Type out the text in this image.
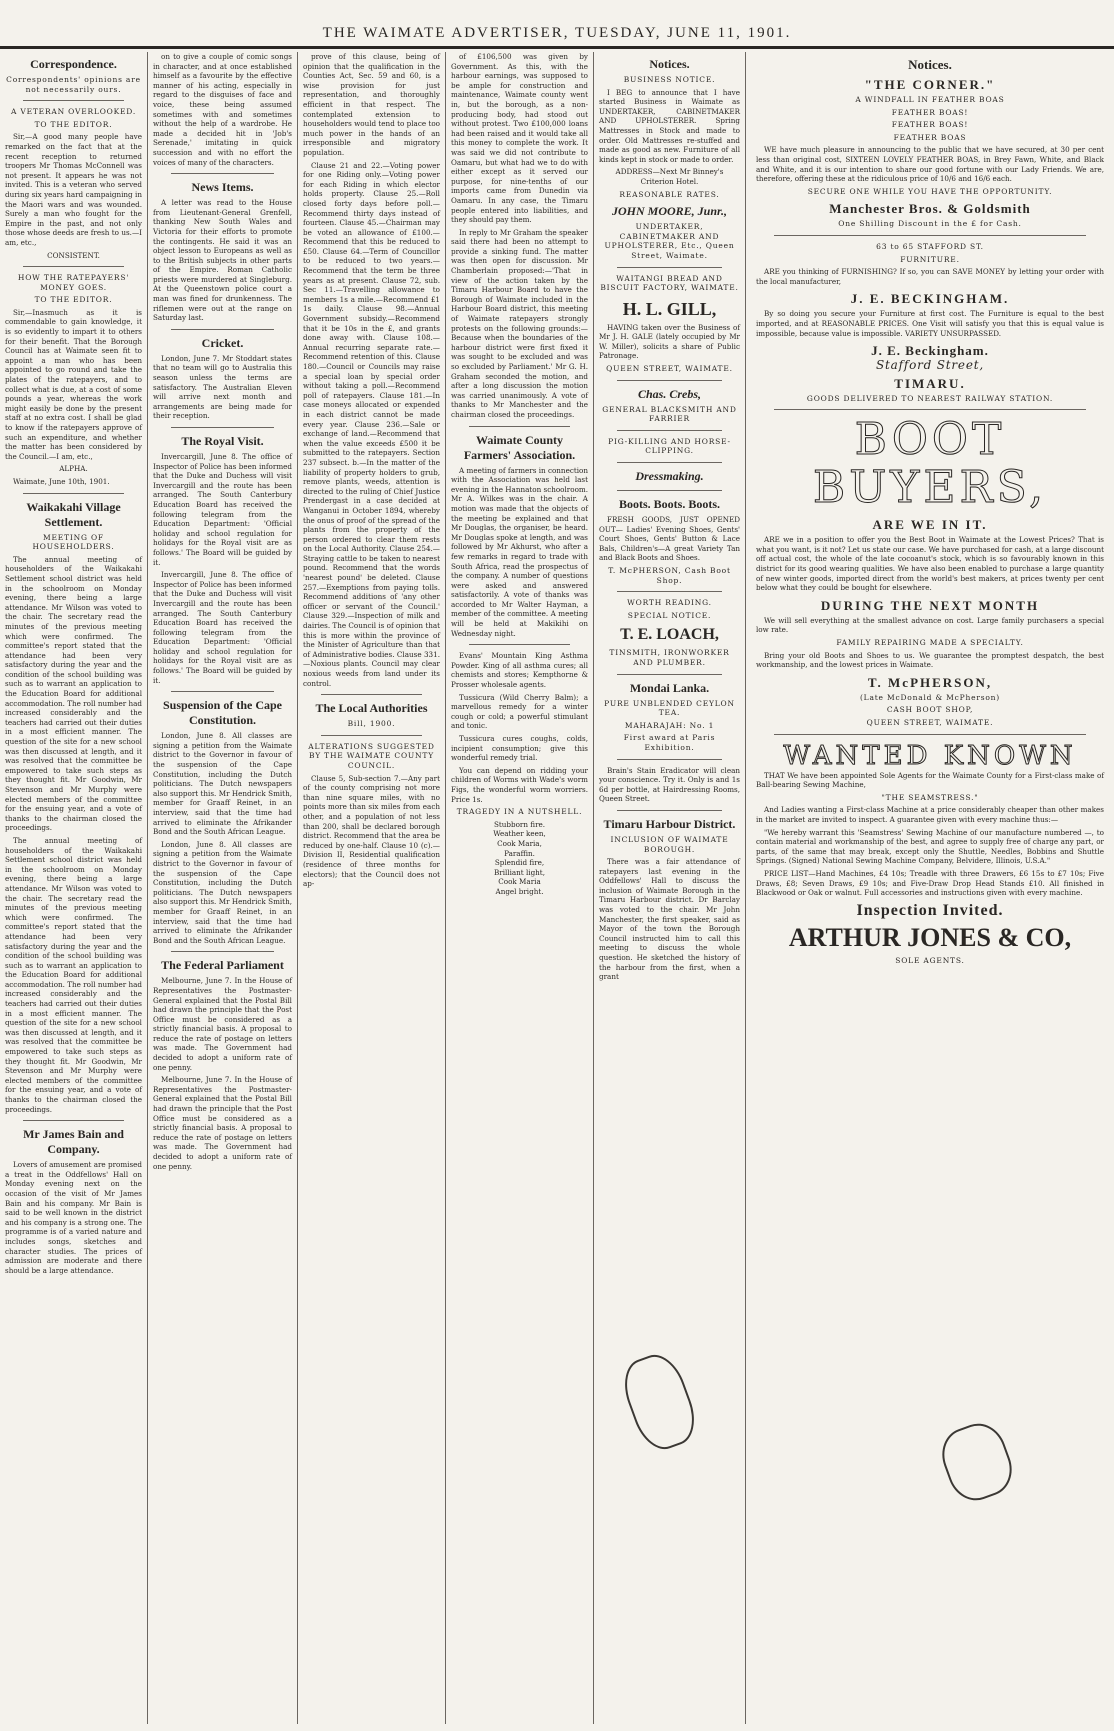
THE WAIMATE ADVERTISER, TUESDAY, JUNE 11, 1901.
Correspondence.
Correspondents' opinions are not necessarily ours.
A VETERAN OVERLOOKED.
TO THE EDITOR.

Sir,—A good many people have remarked on the fact that at the recent reception to returned troopers Mr Thomas McConnell was not present. It appears he was not invited. This is a veteran who served during six years hard campaigning in the Maori wars and was wounded. Surely a man who fought for the Empire in the past, and not only those whose deeds are fresh to us.—I am, etc.,

CONSISTENT.

HOW THE RATEPAYERS' MONEY GOES.
TO THE EDITOR.

Sir,—Inasmuch as it is commendable to gain knowledge, it is so evidently to impart it to others for their benefit. That the Borough Council has at Waimate seen fit to appoint a man who has been appointed to go round and take the plates of the ratepayers, and to collect what is due, at a cost of some pounds a year, whereas the work might easily be done by the present staff at no extra cost. I shall be glad to know if the ratepayers approve of such an expenditure, and whether the matter has been considered by the Council.—I am, etc.,

ALPHA.

Waimate, June 10th, 1901.

Waikakahi Village Settlement.
MEETING OF HOUSEHOLDERS.

The annual meeting of householders of the Waikakahi Settlement school district was held in the schoolroom on Monday evening, there being a large attendance. Mr Wilson was voted to the chair. The secretary read the minutes of the previous meeting which were confirmed. The committee's report stated that the attendance had been very satisfactory during the year and the condition of the school building was such as to warrant an application to the Education Board for additional accommodation. The roll number had increased considerably and the teachers had carried out their duties in a most efficient manner. The question of the site for a new school was then discussed at length, and it was resolved that the committee be empowered to take such steps as they thought fit. Mr Goodwin, Mr Stevenson and Mr Murphy were elected members of the committee for the ensuing year, and a vote of thanks to the chairman closed the proceedings.

The annual meeting of householders of the Waikakahi Settlement school district was held in the schoolroom on Monday evening, there being a large attendance. Mr Wilson was voted to the chair. The secretary read the minutes of the previous meeting which were confirmed. The committee's report stated that the attendance had been very satisfactory during the year and the condition of the school building was such as to warrant an application to the Education Board for additional accommodation. The roll number had increased considerably and the teachers had carried out their duties in a most efficient manner. The question of the site for a new school was then discussed at length, and it was resolved that the committee be empowered to take such steps as they thought fit. Mr Goodwin, Mr Stevenson and Mr Murphy were elected members of the committee for the ensuing year, and a vote of thanks to the chairman closed the proceedings.

Mr James Bain and Company.

Lovers of amusement are promised a treat in the Oddfellows' Hall on Monday evening next on the occasion of the visit of Mr James Bain and his company. Mr Bain is said to be well known in the district and his company is a strong one. The programme is of a varied nature and includes songs, sketches and character studies. The prices of admission are moderate and there should be a large attendance.

on to give a couple of comic songs in character, and at once established himself as a favourite by the effective manner of his acting, especially in regard to the disguises of face and voice, these being assumed sometimes with and sometimes without the help of a wardrobe. He made a decided hit in 'Job's Serenade,' imitating in quick succession and with no effort the voices of many of the characters.

News Items.

A letter was read to the House from Lieutenant-General Grenfell, thanking New South Wales and Victoria for their efforts to promote the contingents. He said it was an object lesson to Europeans as well as to the British subjects in other parts of the Empire. Roman Catholic priests were murdered at Singleburg. At the Queenstown police court a man was fined for drunkenness. The riflemen were out at the range on Saturday last.

Cricket.

London, June 7. Mr Stoddart states that no team will go to Australia this season unless the terms are satisfactory. The Australian Eleven will arrive next month and arrangements are being made for their reception.

The Royal Visit.

Invercargill, June 8. The office of Inspector of Police has been informed that the Duke and Duchess will visit Invercargill and the route has been arranged. The South Canterbury Education Board has received the following telegram from the Education Department: 'Official holiday and school regulation for holidays for the Royal visit are as follows.' The Board will be guided by it.

Invercargill, June 8. The office of Inspector of Police has been informed that the Duke and Duchess will visit Invercargill and the route has been arranged. The South Canterbury Education Board has received the following telegram from the Education Department: 'Official holiday and school regulation for holidays for the Royal visit are as follows.' The Board will be guided by it.

Suspension of the Cape Constitution.

London, June 8. All classes are signing a petition from the Waimate district to the Governor in favour of the suspension of the Cape Constitution, including the Dutch politicians. The Dutch newspapers also support this. Mr Hendrick Smith, member for Graaff Reinet, in an interview, said that the time had arrived to eliminate the Afrikander Bond and the South African League.

London, June 8. All classes are signing a petition from the Waimate district to the Governor in favour of the suspension of the Cape Constitution, including the Dutch politicians. The Dutch newspapers also support this. Mr Hendrick Smith, member for Graaff Reinet, in an interview, said that the time had arrived to eliminate the Afrikander Bond and the South African League.

The Federal Parliament

Melbourne, June 7. In the House of Representatives the Postmaster-General explained that the Postal Bill had drawn the principle that the Post Office must be considered as a strictly financial basis. A proposal to reduce the rate of postage on letters was made. The Government had decided to adopt a uniform rate of one penny.

Melbourne, June 7. In the House of Representatives the Postmaster-General explained that the Postal Bill had drawn the principle that the Post Office must be considered as a strictly financial basis. A proposal to reduce the rate of postage on letters was made. The Government had decided to adopt a uniform rate of one penny.

prove of this clause, being of opinion that the qualification in the Counties Act, Sec. 59 and 60, is a wise provision for just representation, and thoroughly efficient in that respect. The contemplated extension to householders would tend to place too much power in the hands of an irresponsible and migratory population.

Clause 21 and 22.—Voting power for one Riding only.—Voting power for each Riding in which elector holds property. Clause 25.—Roll closed forty days before poll.—Recommend thirty days instead of fourteen. Clause 45.—Chairman may be voted an allowance of £100.—Recommend that this be reduced to £50. Clause 64.—Term of Councillor to be reduced to two years.—Recommend that the term be three years as at present. Clause 72, sub. Sec 11.—Travelling allowance to members 1s a mile.—Recommend £1 1s daily. Clause 98.—Annual Government subsidy.—Recommend that it be 10s in the £, and grants done away with. Clause 108.—Annual recurring separate rate.—Recommend retention of this. Clause 180.—Council or Councils may raise a special loan by special order without taking a poll.—Recommend poll of ratepayers. Clause 181.—In case moneys allocated or expended in each district cannot be made every year. Clause 236.—Sale or exchange of land.—Recommend that when the value exceeds £500 it be submitted to the ratepayers. Section 237 subsect. b.—In the matter of the liability of property holders to grub, remove plants, weeds, attention is directed to the ruling of Chief Justice Prendergast in a case decided at Wanganui in October 1894, whereby the onus of proof of the spread of the plants from the property of the person ordered to clear them rests on the Local Authority. Clause 254.—Straying cattle to be taken to nearest pound. Recommend that the words 'nearest pound' be deleted. Clause 257.—Exemptions from paying tolls. Recommend additions of 'any other officer or servant of the Council.' Clause 329.—Inspection of milk and dairies. The Council is of opinion that this is more within the province of the Minister of Agriculture than that of Administrative bodies. Clause 331.—Noxious plants. Council may clear noxious weeds from land under its control.

The Local Authorities
Bill, 1900.
ALTERATIONS SUGGESTED BY THE WAIMATE COUNTY COUNCIL.

Clause 5, Sub-section 7.—Any part of the county comprising not more than nine square miles, with no points more than six miles from each other, and a population of not less than 200, shall be declared borough district. Recommend that the area be reduced by one-half. Clause 10 (c).—Division II, Residential qualification (residence of three months for electors); that the Council does not ap-

of £106,500 was given by Government. As this, with the harbour earnings, was supposed to be ample for construction and maintenance, Waimate county went in, but the borough, as a non-producing body, had stood out without protest. Two £100,000 loans had been raised and it would take all this money to complete the work. It was said we did not contribute to Oamaru, but what had we to do with either except as it served our purpose, for nine-tenths of our imports came from Dunedin via Oamaru. In any case, the Timaru people entered into liabilities, and they should pay them.

In reply to Mr Graham the speaker said there had been no attempt to provide a sinking fund. The matter was then open for discussion. Mr Chamberlain proposed:—'That in view of the action taken by the Timaru Harbour Board to have the Borough of Waimate included in the Harbour Board district, this meeting of Waimate ratepayers strongly protests on the following grounds:—Because when the boundaries of the harbour district were first fixed it was sought to be excluded and was so excluded by Parliament.' Mr G. H. Graham seconded the motion, and after a long discussion the motion was carried unanimously. A vote of thanks to Mr Manchester and the chairman closed the proceedings.

Waimate County Farmers' Association.

A meeting of farmers in connection with the Association was held last evening in the Hannaton schoolroom. Mr A. Wilkes was in the chair. A motion was made that the objects of the meeting be explained and that Mr Douglas, the organiser, be heard. Mr Douglas spoke at length, and was followed by Mr Akhurst, who after a few remarks in regard to trade with South Africa, read the prospectus of the company. A number of questions were asked and answered satisfactorily. A vote of thanks was accorded to Mr Walter Hayman, a member of the committee. A meeting will be held at Makikihi on Wednesday night.

Evans' Mountain King Asthma Powder. King of all asthma cures; all chemists and stores; Kempthorne & Prosser wholesale agents.

Tussicura (Wild Cherry Balm); a marvellous remedy for a winter cough or cold; a powerful stimulant and tonic.

Tussicura cures coughs, colds, incipient consumption; give this wonderful remedy trial.

You can depend on ridding your children of Worms with Wade's worm Figs, the wonderful worm worriers. Price 1s.

TRAGEDY IN A NUTSHELL.
Stubborn fire.
Weather keen,
Cook Maria,
Paraffin.
Splendid fire,
Brilliant light,
Cook Maria
Angel bright.
Notices.
BUSINESS NOTICE.

I BEG to announce that I have started Business in Waimate as UNDERTAKER, CABINETMAKER AND UPHOLSTERER. Spring Mattresses in Stock and made to order. Old Mattresses re-stuffed and made as good as new. Furniture of all kinds kept in stock or made to order.

ADDRESS—Next Mr Binney's Criterion Hotel.

REASONABLE RATES.
JOHN MOORE, Junr.,
UNDERTAKER, CABINETMAKER AND UPHOLSTERER, Etc., Queen Street, Waimate.
WAITANGI BREAD AND BISCUIT FACTORY, WAIMATE.
H. L. GILL,

HAVING taken over the Business of Mr J. H. GALE (lately occupied by Mr W. Miller), solicits a share of Public Patronage.

QUEEN STREET, WAIMATE.
Chas. Crebs,
GENERAL BLACKSMITH AND FARRIER
PIG-KILLING AND HORSE-CLIPPING.
Dressmaking.
Boots. Boots. Boots.

FRESH GOODS, JUST OPENED OUT— Ladies' Evening Shoes, Gents' Court Shoes, Gents' Button & Lace Bals, Children's—A great Variety Tan and Black Boots and Shoes.

T. McPHERSON, Cash Boot Shop.
WORTH READING.
SPECIAL NOTICE.
T. E. LOACH,
TINSMITH, IRONWORKER AND PLUMBER.
Mondai Lanka.
PURE UNBLENDED CEYLON TEA.
MAHARAJAH: No. 1
First award at Paris Exhibition.

Brain's Stain Eradicator will clean your conscience. Try it. Only is and 1s 6d per bottle, at Hairdressing Rooms, Queen Street.

Timaru Harbour District.
INCLUSION OF WAIMATE BOROUGH.

There was a fair attendance of ratepayers last evening in the Oddfellows' Hall to discuss the inclusion of Waimate Borough in the Timaru Harbour district. Dr Barclay was voted to the chair. Mr John Manchester, the first speaker, said as Mayor of the town the Borough Council instructed him to call this meeting to discuss the whole question. He sketched the history of the harbour from the first, when a grant

Notices.
"THE CORNER."
A WINDFALL IN FEATHER BOAS
FEATHER BOAS!
FEATHER BOAS!
FEATHER BOAS

WE have much pleasure in announcing to the public that we have secured, at 30 per cent less than original cost, SIXTEEN LOVELY FEATHER BOAS, in Brey Fawn, White, and Black and White, and it is our intention to share our good fortune with our Lady Friends. We are, therefore, offering these at the ridiculous price of 10/6 and 16/6 each.

SECURE ONE WHILE YOU HAVE THE OPPORTUNITY.
Manchester Bros. & Goldsmith
One Shilling Discount in the £ for Cash.
63 to 65 STAFFORD ST.
FURNITURE.

ARE you thinking of FURNISHING? If so, you can SAVE MONEY by letting your order with the local manufacturer,

J. E. BECKINGHAM.

By so doing you secure your Furniture at first cost. The Furniture is equal to the best imported, and at REASONABLE PRICES. One Visit will satisfy you that this is equal value is impossible, because value is impossible. VARIETY UNSURPASSED.

J. E. Beckingham.
Stafford Street,
TIMARU.
GOODS DELIVERED TO NEAREST RAILWAY STATION.
BOOT
BUYERS,
ARE WE IN IT.

ARE we in a position to offer you the Best Boot in Waimate at the Lowest Prices? That is what you want, is it not? Let us state our case. We have purchased for cash, at a large discount off actual cost, the whole of the late cocoanut's stock, which is so favourably known in this district for its good wearing qualities. We have also been enabled to purchase a large quantity of new winter goods, imported direct from the world's best makers, at prices twenty per cent below what they could be bought for elsewhere.

DURING THE NEXT MONTH

We will sell everything at the smallest advance on cost. Large family purchasers a special low rate.

FAMILY REPAIRING MADE A SPECIALTY.

Bring your old Boots and Shoes to us. We guarantee the promptest despatch, the best workmanship, and the lowest prices in Waimate.

T. McPHERSON,
(Late McDonald & McPherson)
CASH BOOT SHOP,
QUEEN STREET, WAIMATE.
WANTED KNOWN

THAT We have been appointed Sole Agents for the Waimate County for a First-class make of Ball-bearing Sewing Machine,

"THE SEAMSTRESS."

And Ladies wanting a First-class Machine at a price considerably cheaper than other makes in the market are invited to inspect. A guarantee given with every machine thus:—

"We hereby warrant this 'Seamstress' Sewing Machine of our manufacture numbered —, to contain material and workmanship of the best, and agree to supply free of charge any part, or parts, of the same that may break, except only the Shuttle, Needles, Bobbins and Shuttle Springs. (Signed) National Sewing Machine Company, Belvidere, Illinois, U.S.A."

PRICE LIST—Hand Machines, £4 10s; Treadle with three Drawers, £6 15s to £7 10s; Five Draws, £8; Seven Draws, £9 10s; and Five-Draw Drop Head Stands £10. All finished in Blackwood or Oak or walnut. Full accessories and instructions given with every machine.

Inspection Invited.
ARTHUR JONES & CO,
SOLE AGENTS.
